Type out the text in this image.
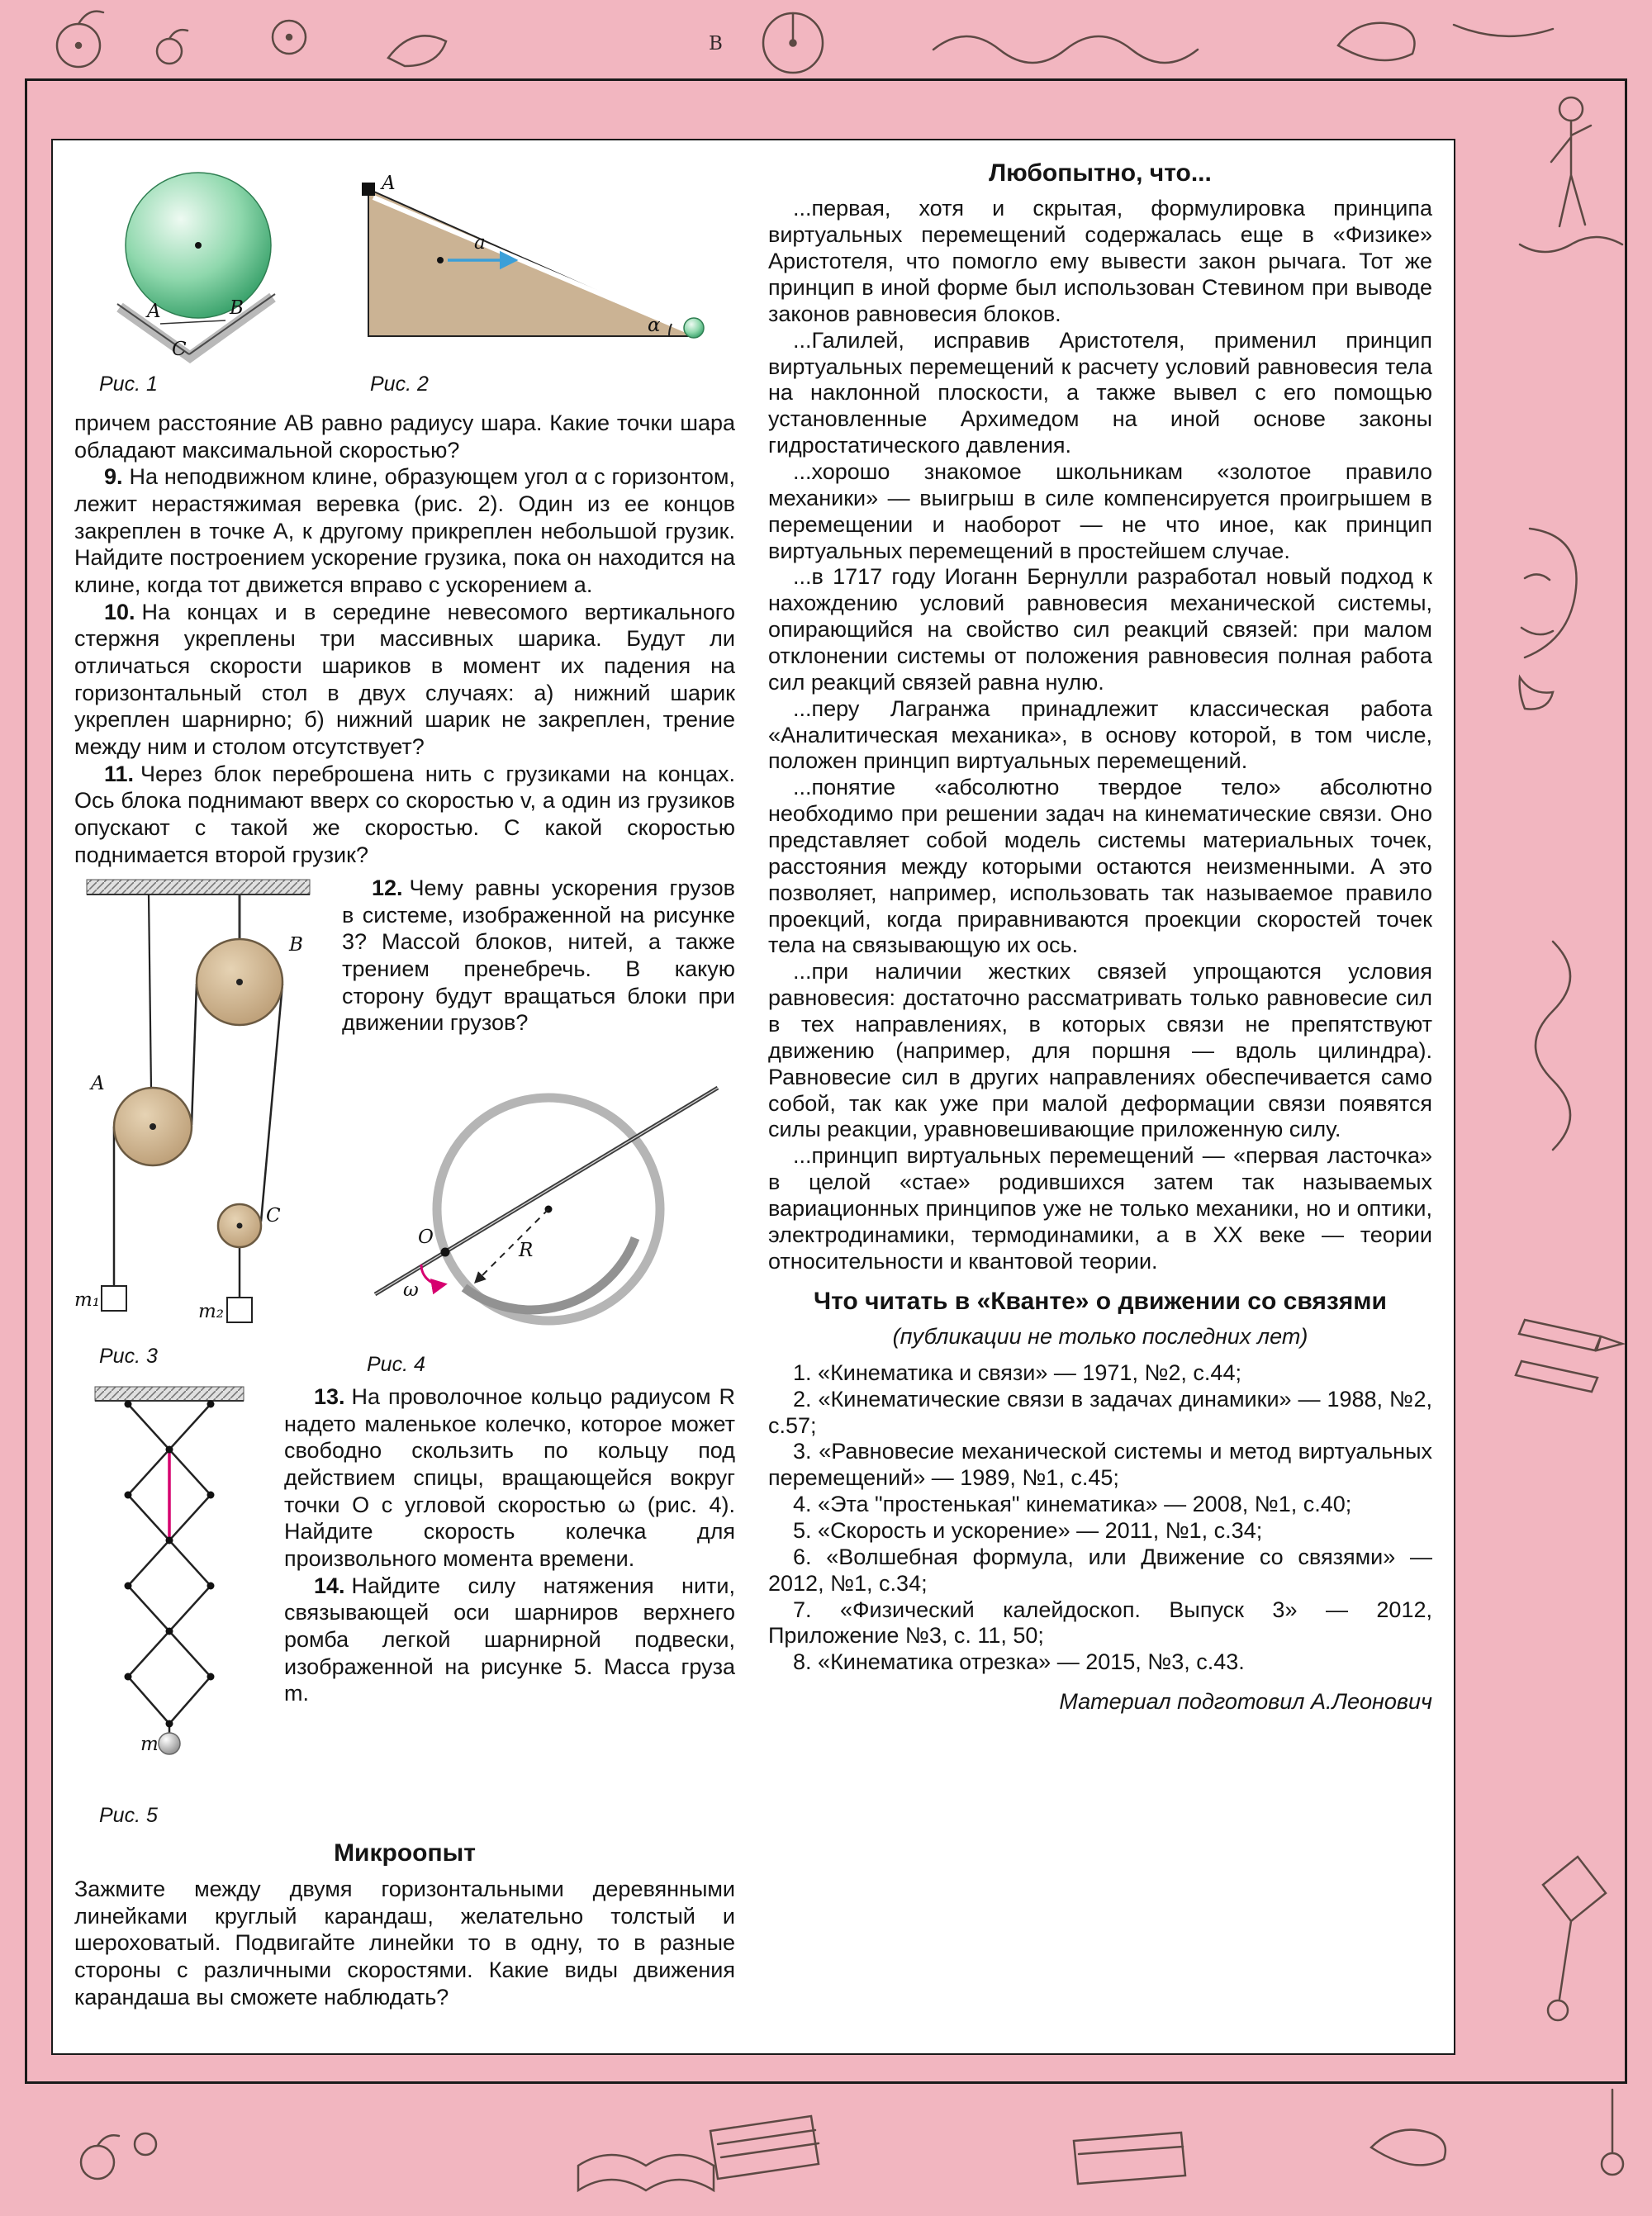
B
A	B
C
Рис. 1
A
a
α
Рис. 2

причем расстояние AB равно радиусу шара. Какие точки шара обладают максимальной скоростью?

9. На неподвижном клине, образующем угол α с горизонтом, лежит нерастяжимая веревка (рис. 2). Один из ее концов закреплен в точке A, к другому прикреплен небольшой грузик. Найдите построением ускорение грузика, пока он находится на клине, когда тот движется вправо с ускорением a.

10. На концах и в середине невесомого вертикального стержня укреплены три массивных шарика. Будут ли отличаться скорости шариков в момент их падения на горизонтальный стол в двух случаях: а) нижний шарик укреплен шарнирно; б) нижний шарик не закреплен, трение между ним и столом отсутствует?

11. Через блок переброшена нить с грузиками на концах. Ось блока поднимают вверх со скоростью v, а один из грузиков опускают с такой же скоростью. С какой скоростью поднимается второй грузик?

B
A
C
m₁
m₂
Рис. 3

12. Чему равны ускорения грузов в системе, изображенной на рисунке 3? Массой блоков, нитей, а также трением пренебречь. В какую сторону будут вращаться блоки при движении грузов?

R
O
ω
Рис. 4
m
Рис. 5

13. На проволочное кольцо радиусом R надето маленькое колечко, которое может свободно скользить по кольцу под действием спицы, вращающейся вокруг точки O с угловой скоростью ω (рис. 4). Найдите скорость колечка для произвольного момента времени.

14. Найдите силу натяжения нити, связывающей оси шарниров верхнего ромба легкой шарнирной подвески, изображенной на рисунке 5. Масса груза m.

Микроопыт

Зажмите между двумя горизонтальными деревянными линейками круглый карандаш, желательно толстый и шероховатый. Подвигайте линейки то в одну, то в разные стороны с различными скоростями. Какие виды движения карандаша вы сможете наблюдать?

Любопытно, что...

...первая, хотя и скрытая, формулировка принципа виртуальных перемещений содержалась еще в «Физике» Аристотеля, что помогло ему вывести закон рычага. Тот же принцип в иной форме был использован Стевином при выводе законов равновесия блоков.

...Галилей, исправив Аристотеля, применил принцип виртуальных перемещений к расчету условий равновесия тела на наклонной плоскости, а также вывел с его помощью установленные Архимедом на иной основе законы гидростатического давления.

...хорошо знакомое школьникам «золотое правило механики» — выигрыш в силе компенсируется проигрышем в перемещении и наоборот — не что иное, как принцип виртуальных перемещений в простейшем случае.

...в 1717 году Иоганн Бернулли разработал новый подход к нахождению условий равновесия механической системы, опирающийся на свойство сил реакций связей: при малом отклонении системы от положения равновесия полная работа сил реакций связей равна нулю.

...перу Лагранжа принадлежит классическая работа «Аналитическая механика», в основу которой, в том числе, положен принцип виртуальных перемещений.

...понятие «абсолютно твердое тело» абсолютно необходимо при решении задач на кинематические связи. Оно представляет собой модель системы материальных точек, расстояния между которыми остаются неизменными. А это позволяет, например, использовать так называемое правило проекций, когда приравниваются проекции скоростей точек тела на связывающую их ось.

...при наличии жестких связей упрощаются условия равновесия: достаточно рассматривать только равновесие сил в тех направлениях, в которых связи не препятствуют движению (например, для поршня — вдоль цилиндра). Равновесие сил в других направлениях обеспечивается само собой, так как уже при малой деформации связи появятся силы реакции, уравновешивающие приложенную силу.

...принцип виртуальных перемещений — «первая ласточка» в целой «стае» родившихся затем так называемых вариационных принципов уже не только механики, но и оптики, электродинамики, термодинамики, а в XX веке — теории относительности и квантовой теории.

Что читать в «Кванте» о движении со связями

(публикации не только последних лет)

1. «Кинематика и связи» — 1971, №2, с.44;

2. «Кинематические связи в задачах динамики» — 1988, №2, с.57;

3. «Равновесие механической системы и метод виртуальных перемещений» — 1989, №1, с.45;

4. «Эта "простенькая" кинематика» — 2008, №1, с.40;

5. «Скорость и ускорение» — 2011, №1, с.34;

6. «Волшебная формула, или Движение со связями» — 2012, №1, с.34;

7. «Физический калейдоскоп. Выпуск 3» — 2012, Приложение №3, с. 11, 50;

8. «Кинематика отрезка» — 2015, №3, с.43.

Материал подготовил А.Леонович
